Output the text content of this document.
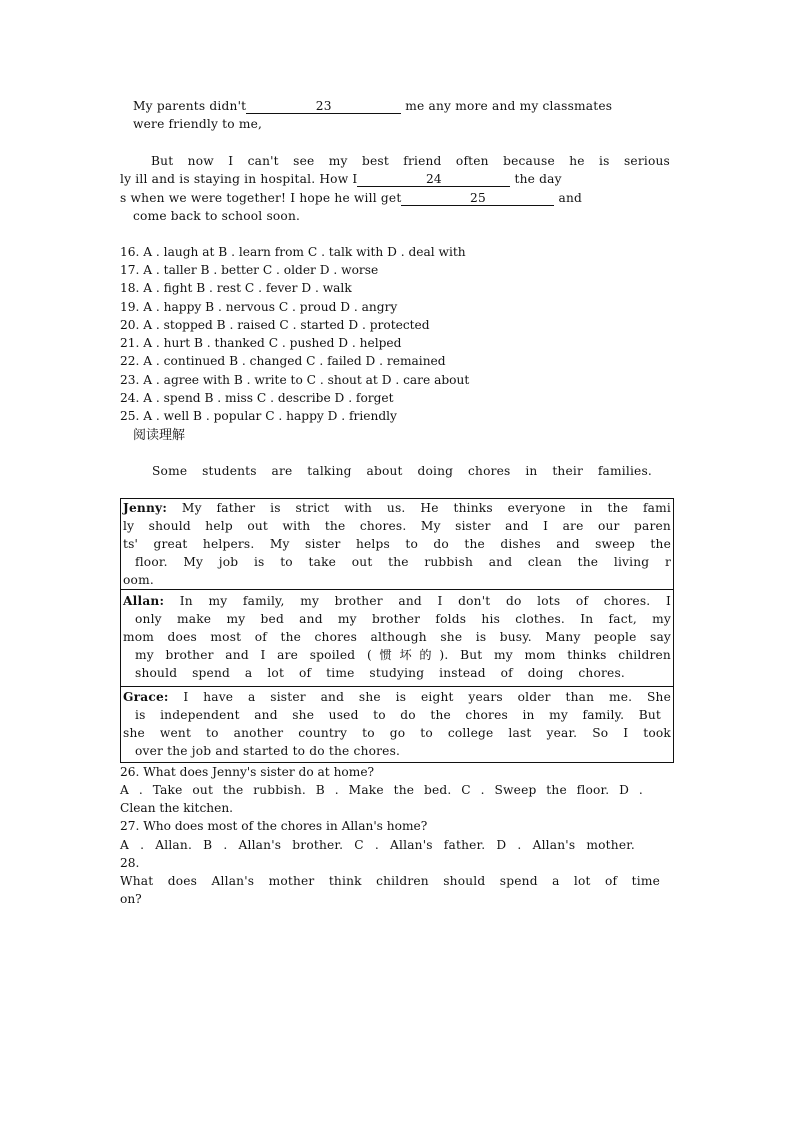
My parents didn't	23	me any more and my classmates
were friendly to me,
But now I can't see my best friend often because he is serious
ly ill and is staying in hospital. How I	24	the day
s when we were together! I hope he will get	25	and
come back to school soon.
16. A . laugh at B . learn from C . talk with D . deal with
17. A . taller B . better C . older D . worse
18. A . fight B . rest C . fever D . walk
19. A . happy B . nervous C . proud D . angry
20. A . stopped B . raised C . started D . protected
21. A . hurt B . thanked C . pushed D . helped
22. A . continued B . changed C . failed D . remained
23. A . agree with B . write to C . shout at D . care about
24. A . spend B . miss C . describe D . forget
25. A . well B . popular C . happy D . friendly
阅读理解
Some students are talking about doing chores in their families.
Jenny: My father is strict with us. He thinks everyone in the fami
ly should help out with the chores. My sister and I are our paren
ts' great helpers. My sister helps to do the dishes and sweep the
floor. My job is to take out the rubbish and clean the living r
oom.
Allan: In my family, my brother and I don't do lots of chores. I
only make my bed and my brother folds his clothes. In fact, my
mom does most of the chores although she is busy. Many people say
my brother and I are spoiled (惯坏的). But my mom thinks children
should spend a lot of time studying instead of doing chores.
Grace: I have a sister and she is eight years older than me. She
is independent and she used to do the chores in my family. But
she went to another country to go to college last year. So I took
over the job and started to do the chores.
26. What does Jenny's sister do at home?
A . Take out the rubbish. B . Make the bed. C . Sweep the floor. D .
Clean the kitchen.
27. Who does most of the chores in Allan's home?
A . Allan. B . Allan's brother. C . Allan's father. D . Allan's mother.
28.
What does Allan's mother think children should spend a lot of time
on?
